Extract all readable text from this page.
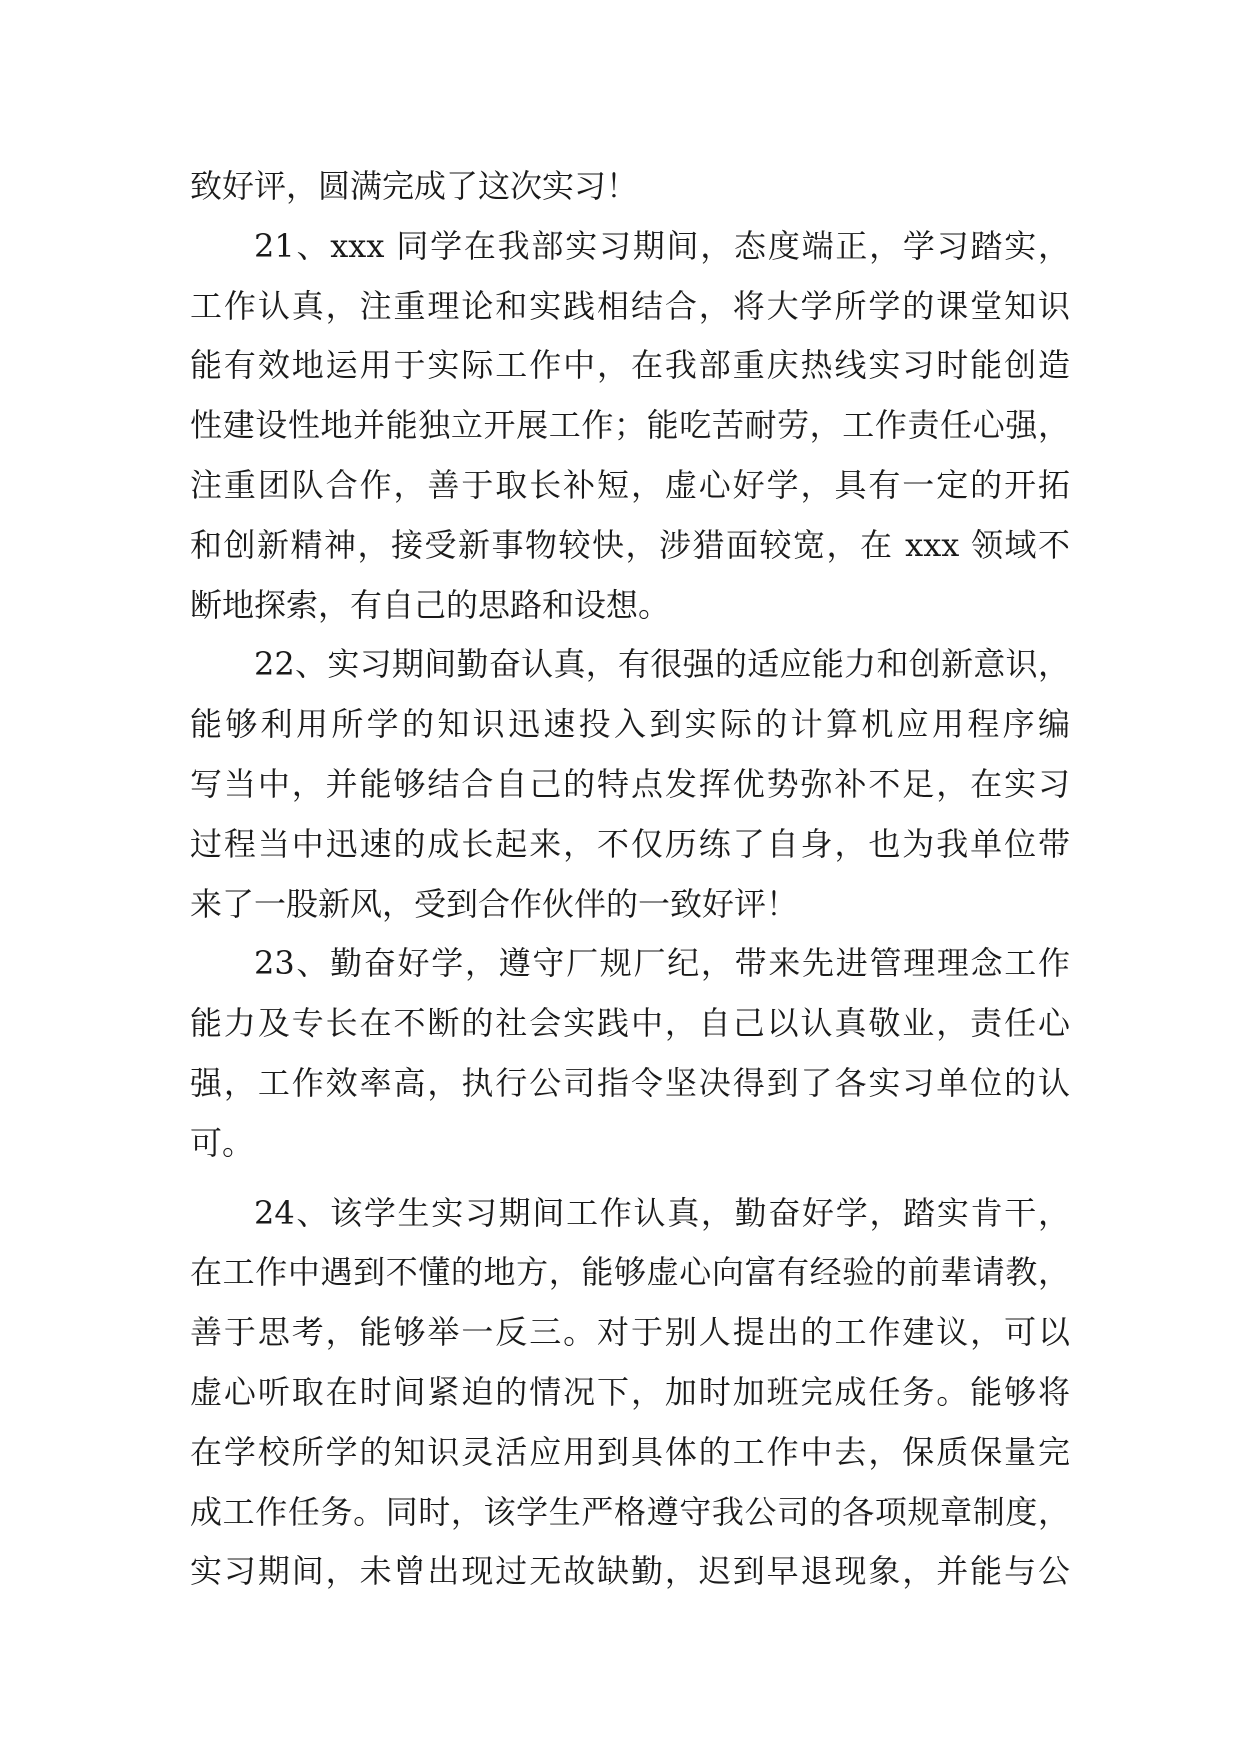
致好评，圆满完成了这次实习！
21、xxx 同学在我部实习期间，态度端正，学习踏实，
工作认真，注重理论和实践相结合，将大学所学的课堂知识
能有效地运用于实际工作中，在我部重庆热线实习时能创造
性建设性地并能独立开展工作；能吃苦耐劳，工作责任心强，
注重团队合作，善于取长补短，虚心好学，具有一定的开拓
和创新精神，接受新事物较快，涉猎面较宽，在 xxx 领域不
断地探索，有自己的思路和设想。
22、实习期间勤奋认真，有很强的适应能力和创新意识，
能够利用所学的知识迅速投入到实际的计算机应用程序编
写当中，并能够结合自己的特点发挥优势弥补不足，在实习
过程当中迅速的成长起来，不仅历练了自身，也为我单位带
来了一股新风，受到合作伙伴的一致好评！
23、勤奋好学，遵守厂规厂纪，带来先进管理理念工作
能力及专长在不断的社会实践中，自己以认真敬业，责任心
强，工作效率高，执行公司指令坚决得到了各实习单位的认
可。
24、该学生实习期间工作认真，勤奋好学，踏实肯干，
在工作中遇到不懂的地方，能够虚心向富有经验的前辈请教，
善于思考，能够举一反三。对于别人提出的工作建议，可以
虚心听取在时间紧迫的情况下，加时加班完成任务。能够将
在学校所学的知识灵活应用到具体的工作中去，保质保量完
成工作任务。同时，该学生严格遵守我公司的各项规章制度，
实习期间，未曾出现过无故缺勤，迟到早退现象，并能与公
